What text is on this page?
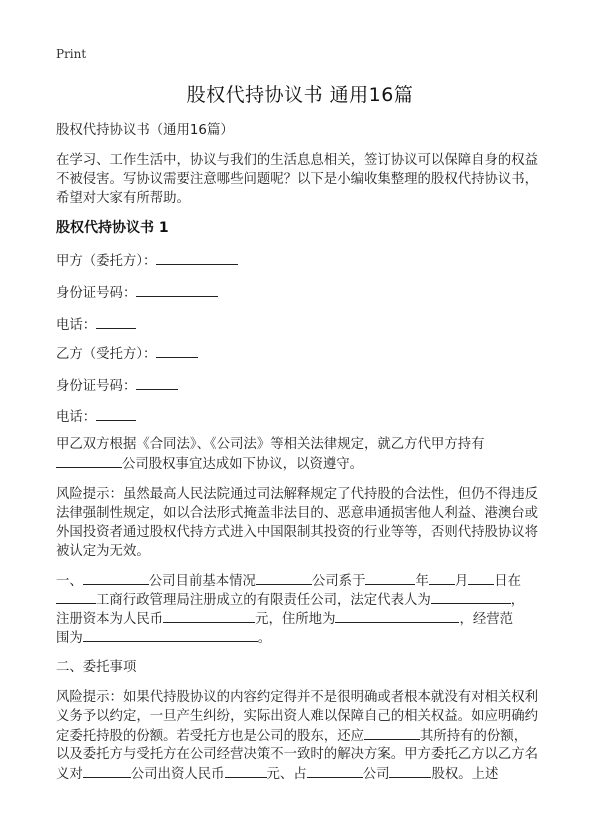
Print
股权代持协议书 通用16篇
股权代持协议书（通用16篇）
在学习、工作生活中，协议与我们的生活息息相关，签订协议可以保障自身的权益
不被侵害。写协议需要注意哪些问题呢？以下是小编收集整理的股权代持协议书，
希望对大家有所帮助。
股权代持协议书 1
甲方（委托方）：
身份证号码：
电话：
乙方（受托方）：
身份证号码：
电话：
甲乙双方根据《合同法》、《公司法》等相关法律规定，就乙方代甲方持有
公司股权事宜达成如下协议，以资遵守。
风险提示：虽然最高人民法院通过司法解释规定了代持股的合法性，但仍不得违反
法律强制性规定，如以合法形式掩盖非法目的、恶意串通损害他人利益、港澳台或
外国投资者通过股权代持方式进入中国限制其投资的行业等等，否则代持股协议将
被认定为无效。
一、	公司目前基本情况	公司系于	年 月 日在
工商行政管理局注册成立的有限责任公司，法定代表人为	，
注册资本为人民币	元，住所地为	，经营范
围为	。
二、委托事项
风险提示：如果代持股协议的内容约定得并不是很明确或者根本就没有对相关权利
义务予以约定，一旦产生纠纷，实际出资人难以保障自己的相关权益。如应明确约
定委托持股的份额。若受托方也是公司的股东，还应	其所持有的份额，
以及委托方与受托方在公司经营决策不一致时的解决方案。甲方委托乙方以乙方名
义对	公司出资人民币	元、占	公司	股权。上述
